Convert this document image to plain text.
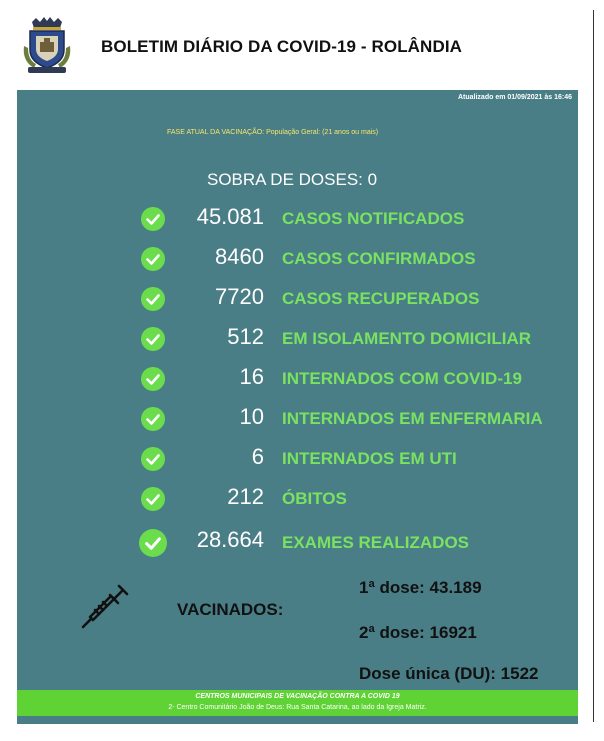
BOLETIM DIÁRIO DA COVID-19 - ROLÂNDIA
Atualizado em 01/09/2021 às 16:46
FASE ATUAL DA VACINAÇÃO: População Geral: (21 anos ou mais)
SOBRA DE DOSES: 0
45.081 CASOS NOTIFICADOS
8460 CASOS CONFIRMADOS
7720 CASOS RECUPERADOS
512 EM ISOLAMENTO DOMICILIAR
16 INTERNADOS COM COVID-19
10 INTERNADOS EM ENFERMARIA
6 INTERNADOS EM UTI
212 ÓBITOS
28.664 EXAMES REALIZADOS
VACINADOS:
1ª dose: 43.189
2ª dose: 16921
Dose única (DU): 1522
CENTROS MUNICIPAIS DE VACINAÇÃO CONTRA A COVID 19
2- Centro Comunitário João de Deus: Rua Santa Catarina, ao lado da Igreja Matriz.
